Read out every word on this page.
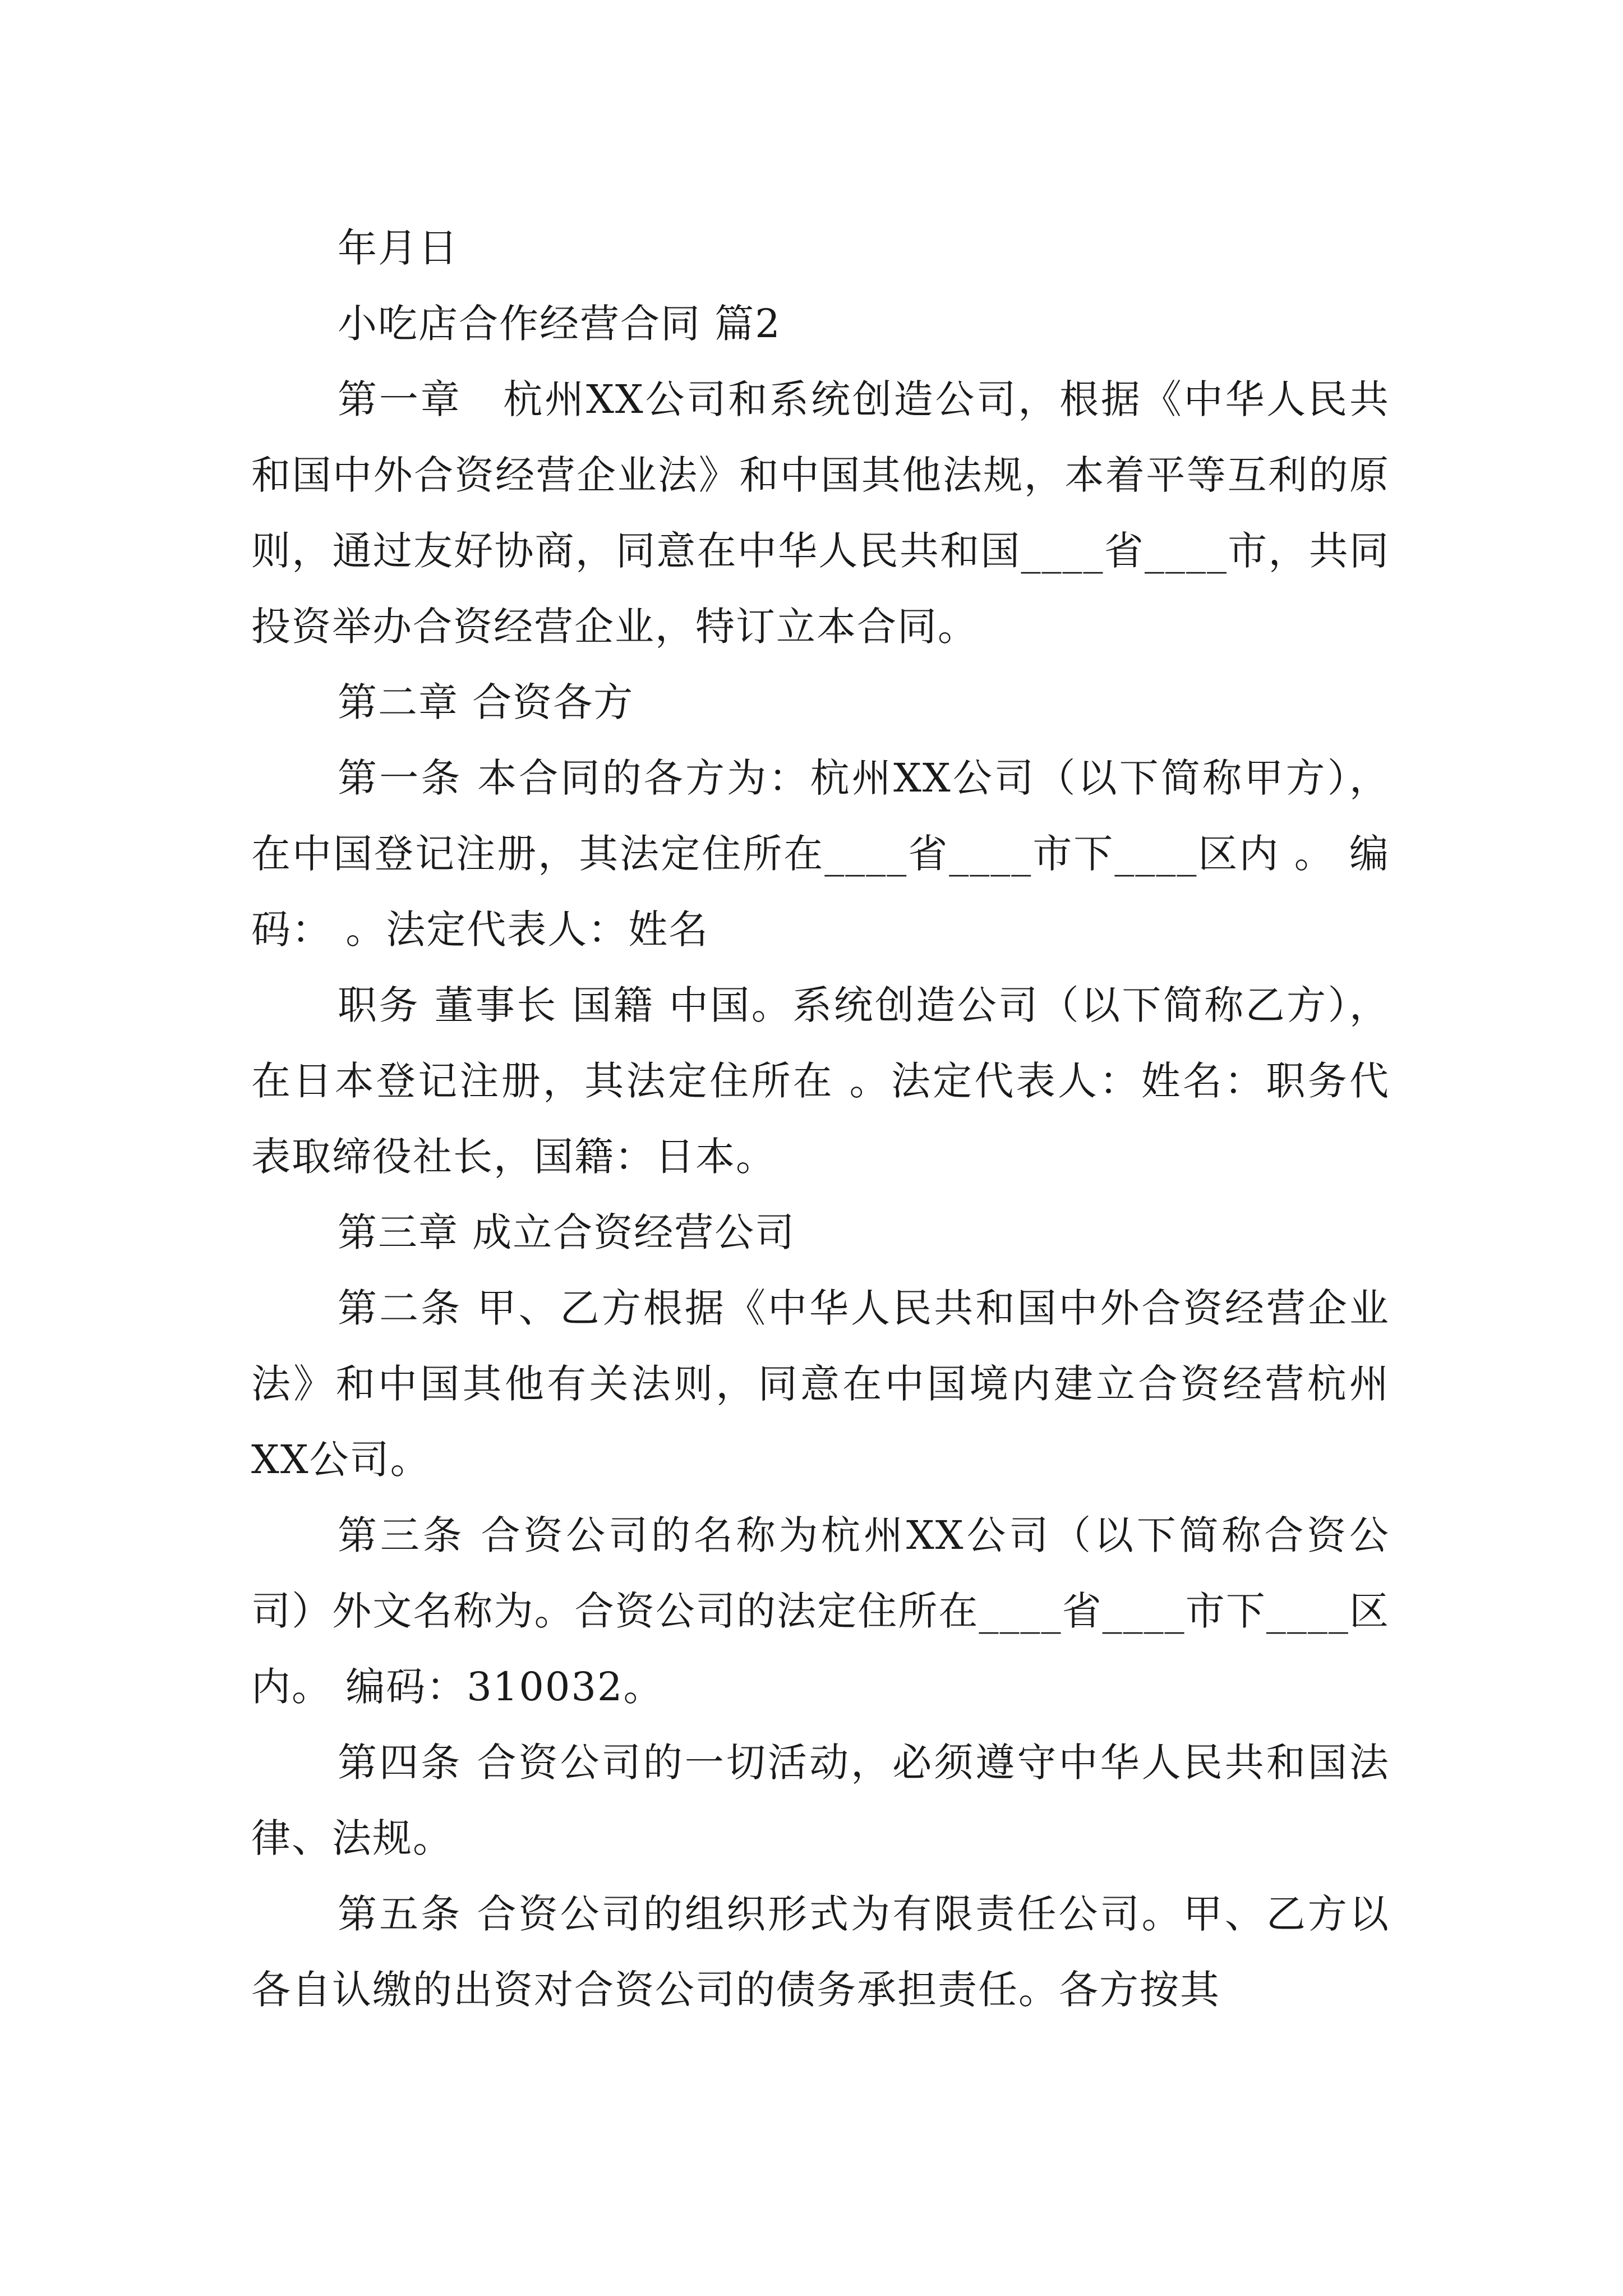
年月日

小吃店合作经营合同 篇2

第一章　杭州XX公司和系统创造公司，根据《中华人民共和国中外合资经营企业法》和中国其他法规，本着平等互利的原则，通过友好协商，同意在中华人民共和国____省____市，共同投资举办合资经营企业，特订立本合同。

第二章 合资各方

第一条 本合同的各方为：杭州XX公司（以下简称甲方），在中国登记注册，其法定住所在____省____市下____区内 。 编码： 。法定代表人：姓名

职务 董事长 国籍 中国。系统创造公司（以下简称乙方），在日本登记注册，其法定住所在 。法定代表人：姓名：职务代表取缔役社长，国籍：日本。

第三章 成立合资经营公司

第二条 甲、乙方根据《中华人民共和国中外合资经营企业法》和中国其他有关法则，同意在中国境内建立合资经营杭州XX公司。

第三条 合资公司的名称为杭州XX公司（以下简称合资公司）外文名称为。合资公司的法定住所在____省____市下____区内。 编码：310032。

第四条 合资公司的一切活动，必须遵守中华人民共和国法律、法规。

第五条 合资公司的组织形式为有限责任公司。甲、乙方以各自认缴的出资对合资公司的债务承担责任。各方按其
